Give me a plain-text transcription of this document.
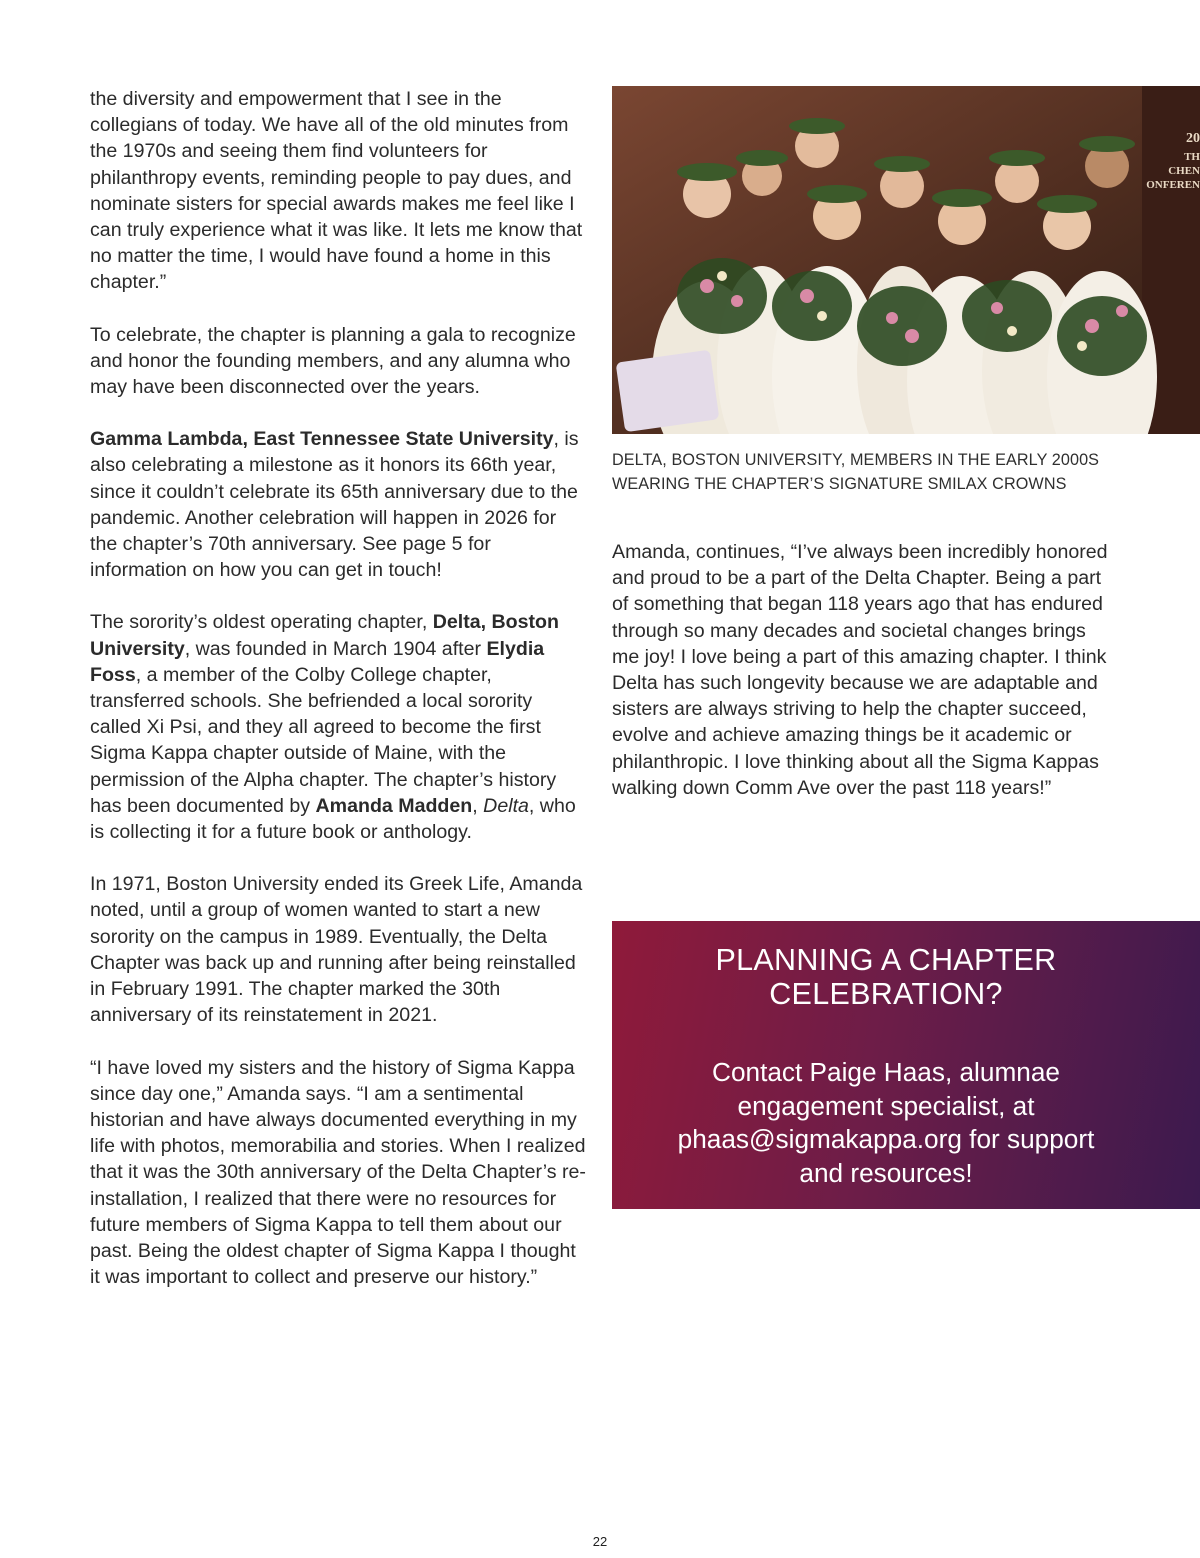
the diversity and empowerment that I see in the collegians of today. We have all of the old minutes from the 1970s and seeing them find volunteers for philanthropy events, reminding people to pay dues, and nominate sisters for special awards makes me feel like I can truly experience what it was like. It lets me know that no matter the time, I would have found a home in this chapter.”

To celebrate, the chapter is planning a gala to recognize and honor the founding members, and any alumna who may have been disconnected over the years.

Gamma Lambda, East Tennessee State University, is also celebrating a milestone as it honors its 66th year, since it couldn’t celebrate its 65th anniversary due to the pandemic. Another celebration will happen in 2026 for the chapter’s 70th anniversary. See page 5 for information on how you can get in touch!

The sorority’s oldest operating chapter, Delta, Boston University, was founded in March 1904 after Elydia Foss, a member of the Colby College chapter, transferred schools. She befriended a local sorority called Xi Psi, and they all agreed to become the first Sigma Kappa chapter outside of Maine, with the permission of the Alpha chapter. The chapter’s history has been documented by Amanda Madden, Delta, who is collecting it for a future book or anthology.

In 1971, Boston University ended its Greek Life, Amanda noted, until a group of women wanted to start a new sorority on the campus in 1989. Eventually, the Delta Chapter was back up and running after being reinstalled in February 1991. The chapter marked the 30th anniversary of its reinstatement in 2021.

“I have loved my sisters and the history of Sigma Kappa since day one,” Amanda says. “I am a sentimental historian and have always documented everything in my life with photos, memorabilia and stories. When I realized that it was the 30th anniversary of the Delta Chapter’s re-installation, I realized that there were no resources for future members of Sigma Kappa to tell them about our past. Being the oldest chapter of Sigma Kappa I thought it was important to collect and preserve our history.”

20
TH
CHEN
ONFEREN
DELTA, BOSTON UNIVERSITY, MEMBERS IN THE EARLY 2000S WEARING THE CHAPTER’S SIGNATURE SMILAX CROWNS

Amanda, continues, “I’ve always been incredibly honored and proud to be a part of the Delta Chapter. Being a part of something that began 118 years ago that has endured through so many decades and societal changes brings me joy! I love being a part of this amazing chapter. I think Delta has such longevity because we are adaptable and sisters are always striving to help the chapter succeed, evolve and achieve amazing things be it academic or philanthropic. I love thinking about all the Sigma Kappas walking down Comm Ave over the past 118 years!”

PLANNING A CHAPTER CELEBRATION?
Contact Paige Haas, alumnae engagement specialist, at phaas@sigmakappa.org for support and resources!
22
